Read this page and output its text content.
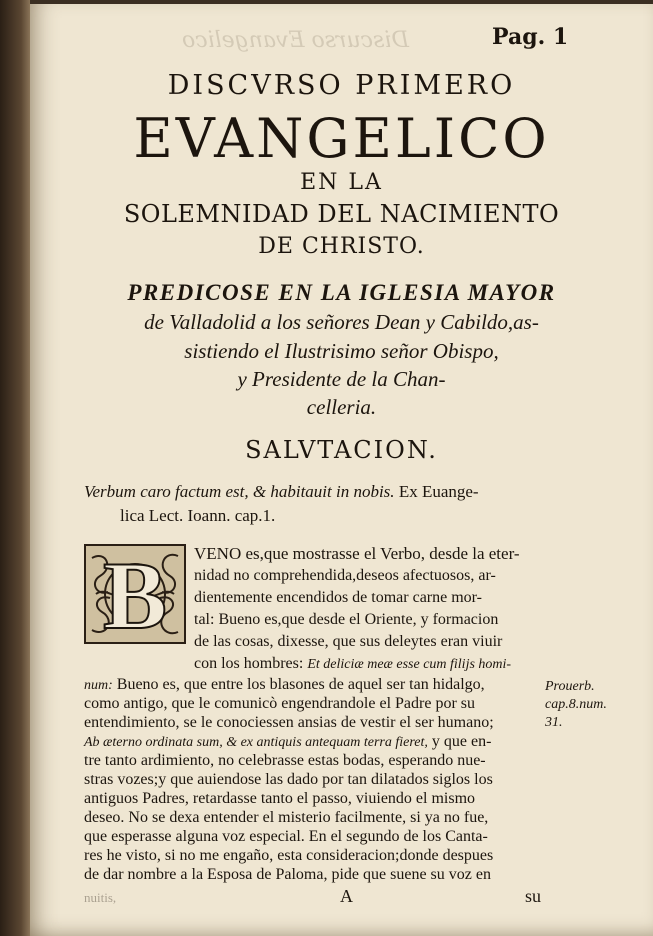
Discurso Evangelico	Pag. 1
DISCVRSO PRIMERO
EVANGELICO
EN LA
SOLEMNIDAD DEL NACIMIENTO
DE CHRISTO.
PREDICOSE EN LA IGLESIA MAYOR
de Valladolid a los señores Dean y Cabildo,as-
sistiendo el Ilustrisimo señor Obispo,
y Presidente de la Chan-
celleria.
SALVTACION.
Verbum caro factum est, & habitauit in nobis. Ex Euange-
lica Lect. Ioann. cap.1.
B	VENO es,que mostrasse el Verbo, desde la eter-
nidad no comprehendida,deseos afectuosos, ar-
dientemente encendidos de tomar carne mor-
tal: Bueno es,que desde el Oriente, y formacion
de las cosas, dixesse, que sus deleytes eran viuir
con los hombres: Et deliciæ meæ esse cum filijs homi-
num: Bueno es, que entre los blasones de aquel ser tan hidalgo,
como antigo, que le comunicò engendrandole el Padre por su
entendimiento, se le conociessen ansias de vestir el ser humano;
Ab æterno ordinata sum, & ex antiquis antequam terra fieret, y que en-
tre tanto ardimiento, no celebrasse estas bodas, esperando nue-
stras vozes;y que auiendose las dado por tan dilatados siglos los
antiguos Padres, retardasse tanto el passo, viuiendo el mismo
deseo. No se dexa entender el misterio facilmente, si ya no fue,
que esperasse alguna voz especial. En el segundo de los Canta-
Prouerb.
cap.8.num.
31.
nuitis,	A	su
res he visto, si no me engaño, esta consideracion;donde despues
de dar nombre a la Esposa de Paloma, pide que suene su voz en
